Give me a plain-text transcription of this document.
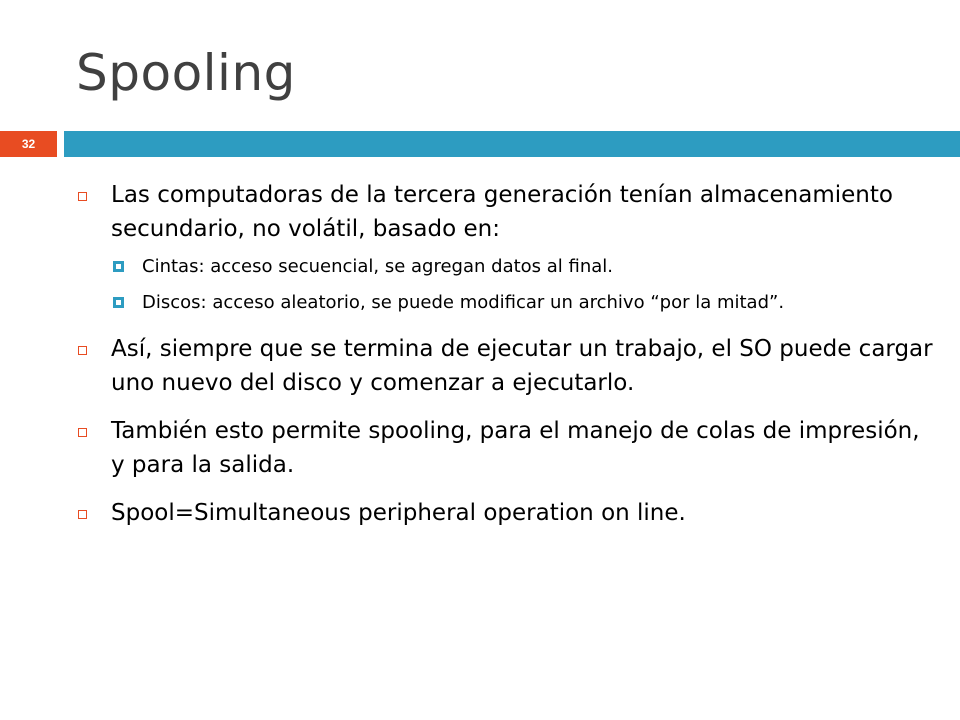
Spooling
32
Las computadoras de la tercera generación tenían almacenamiento secundario, no volátil, basado en:
Cintas: acceso secuencial, se agregan datos al final.
Discos: acceso aleatorio, se puede modificar un archivo “por la mitad”.
Así, siempre que se termina de ejecutar un trabajo, el SO puede cargar uno nuevo del disco y comenzar a ejecutarlo.
También esto permite spooling, para el manejo de colas de impresión, y para la salida.
Spool=Simultaneous peripheral operation on line.
